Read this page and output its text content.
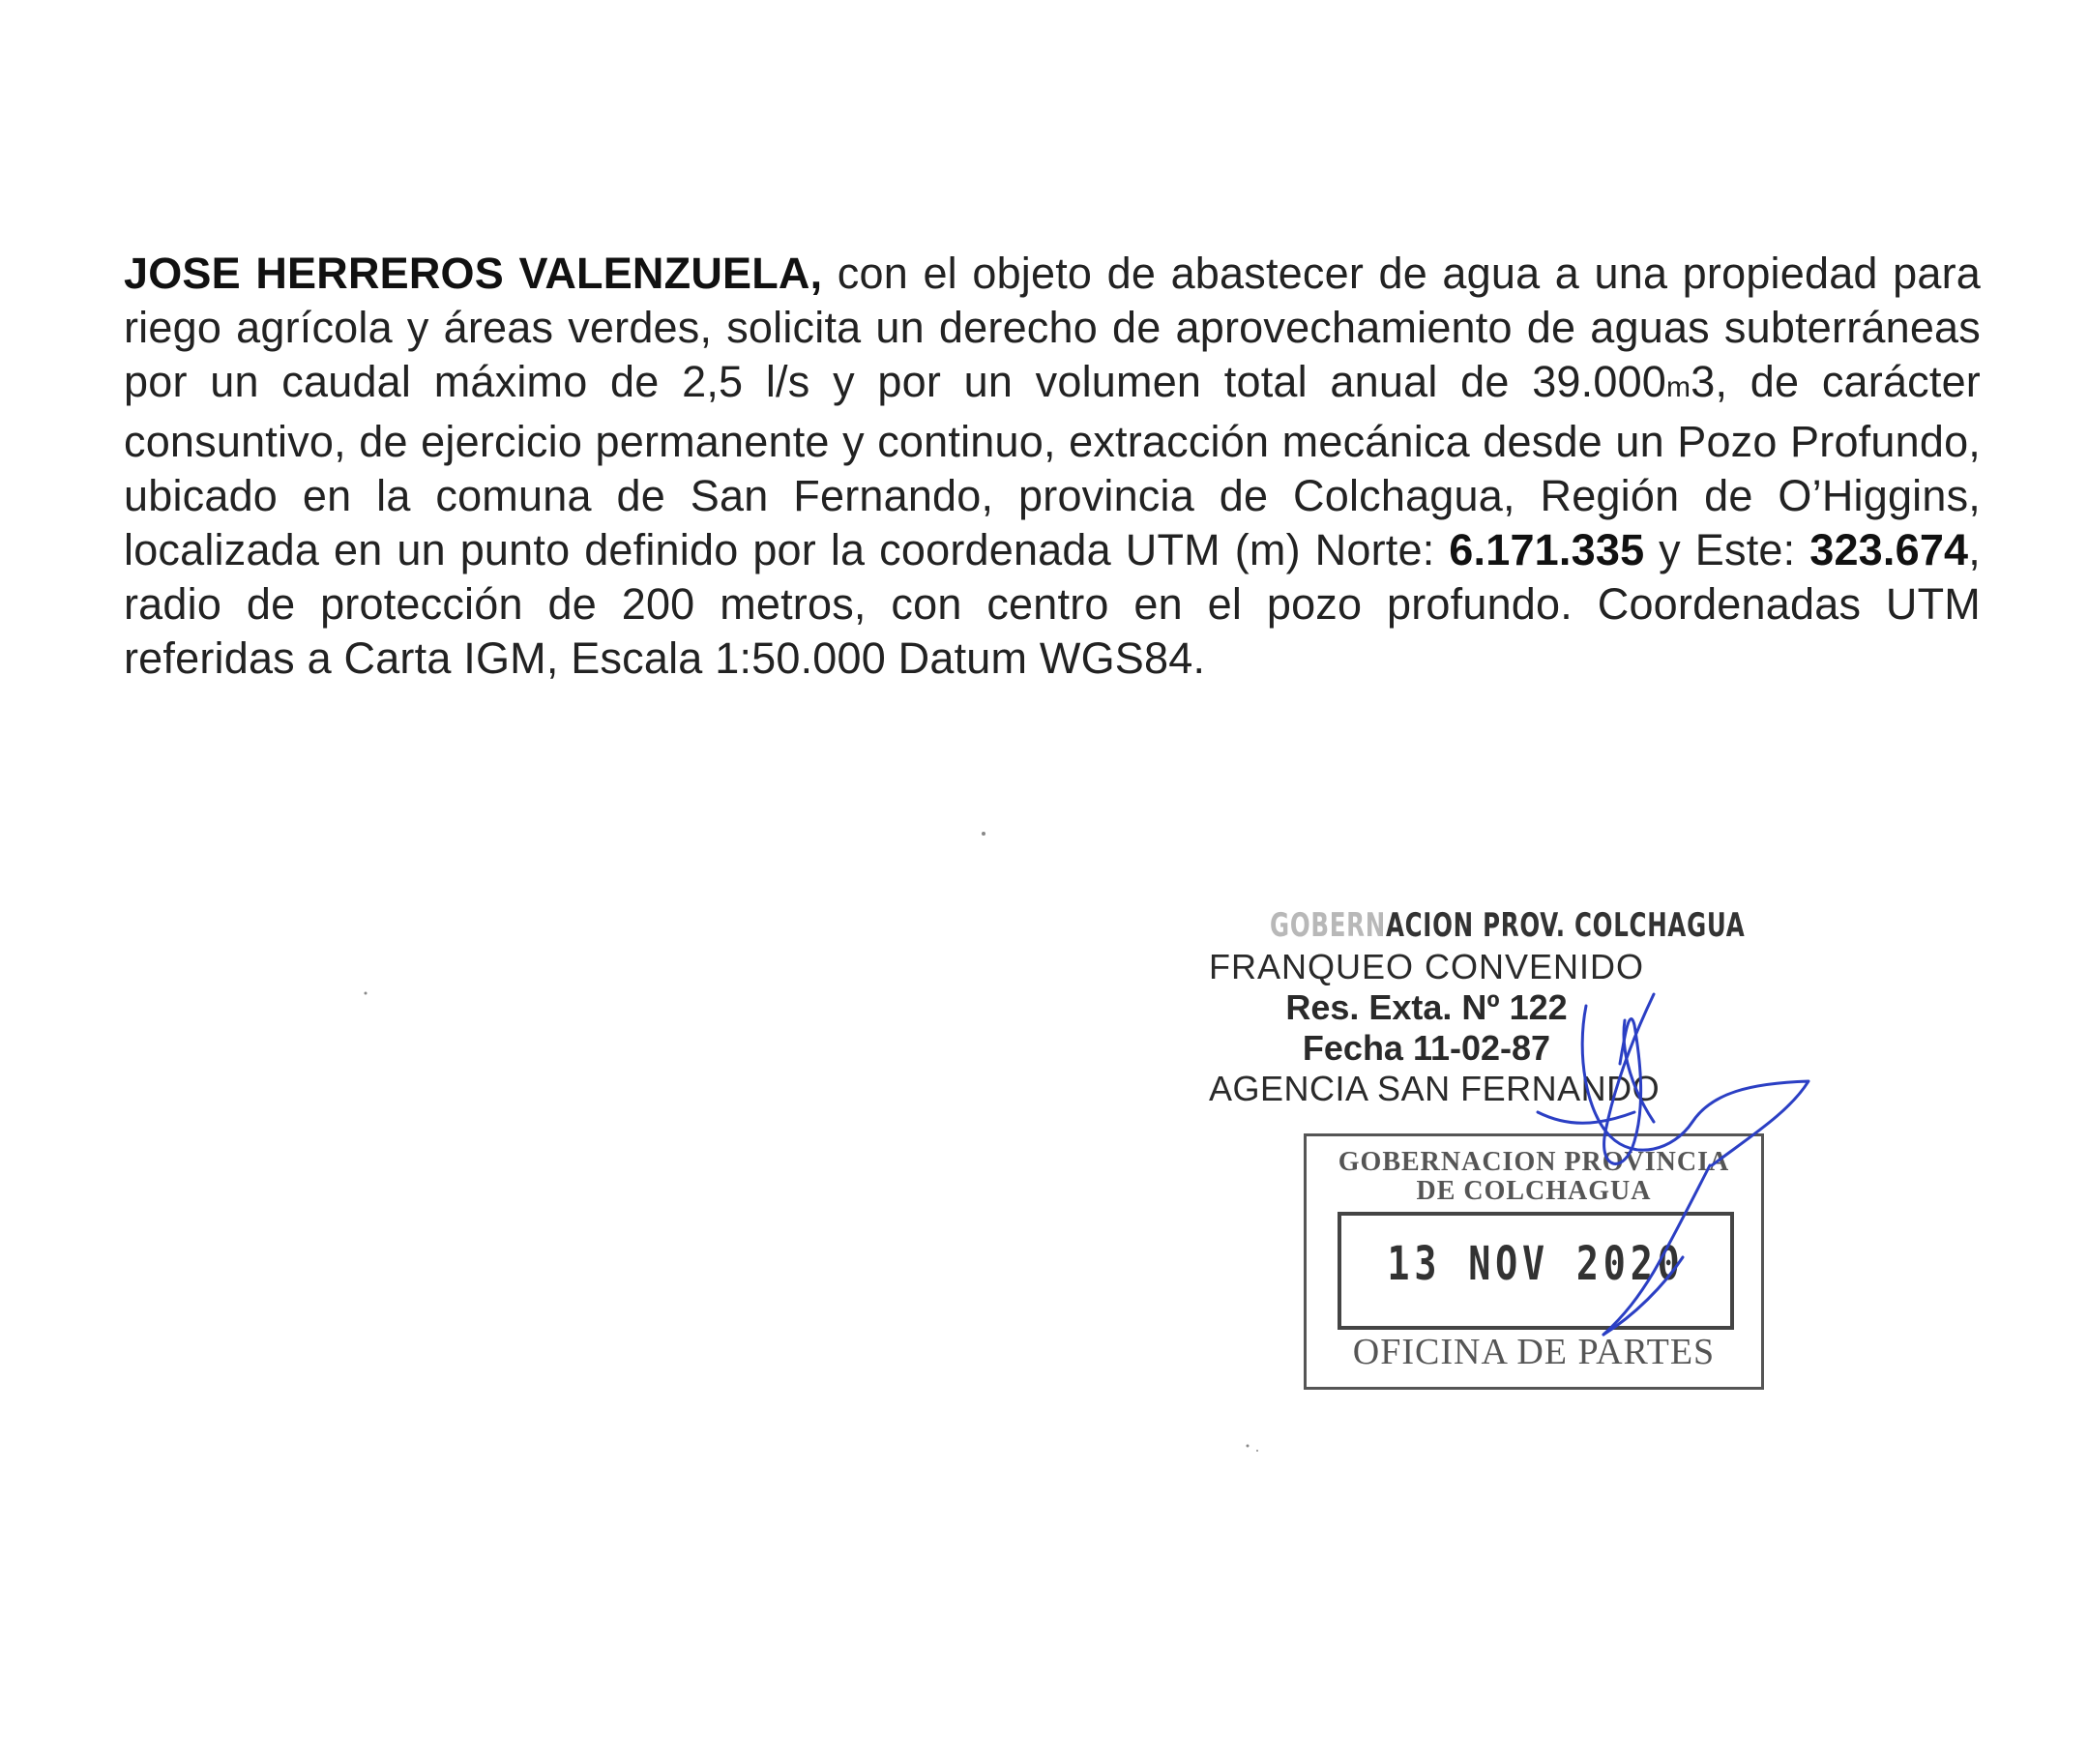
JOSE HERREROS VALENZUELA, con el objeto de abastecer de agua a una propiedad para riego agrícola y áreas verdes, solicita un derecho de aprovechamiento de aguas subterráneas por un caudal máximo de 2,5 l/s y por un volumen total anual de 39.000m3, de carácter consuntivo, de ejercicio permanente y continuo, extracción mecánica desde un Pozo Profundo, ubicado en la comuna de San Fernando, provincia de Colchagua, Región de O’Higgins, localizada en un punto definido por la coordenada UTM (m) Norte: 6.171.335 y Este: 323.674, radio de protección de 200 metros, con centro en el pozo profundo. Coordenadas UTM referidas a Carta IGM, Escala 1:50.000 Datum WGS84.

GOBERNACION PROV. COLCHAGUA
FRANQUEO CONVENIDO
Res. Exta. Nº 122
Fecha 11-02-87
AGENCIA SAN FERNANDO
GOBERNACION PROVINCIA
DE COLCHAGUA
13 NOV 2020
OFICINA DE PARTES
